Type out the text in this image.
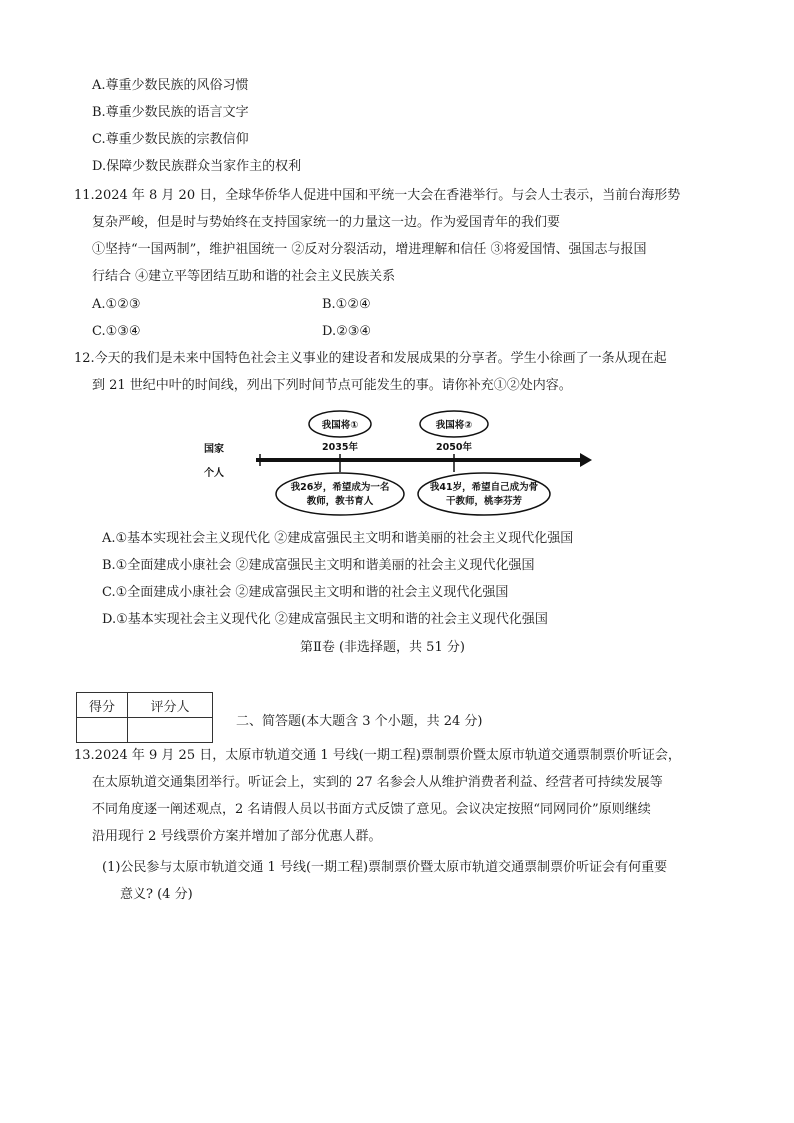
A.尊重少数民族的风俗习惯
B.尊重少数民族的语言文字
C.尊重少数民族的宗教信仰
D.保障少数民族群众当家作主的权利
11.2024 年 8 月 20 日，全球华侨华人促进中国和平统一大会在香港举行。与会人士表示，当前台海形势
复杂严峻，但是时与势始终在支持国家统一的力量这一边。作为爱国青年的我们要
①坚持“一国两制”，维护祖国统一 ②反对分裂活动，增进理解和信任 ③将爱国情、强国志与报国
行结合 ④建立平等团结互助和谐的社会主义民族关系
A.①②③	B.①②④
C.①③④	D.②③④
12.今天的我们是未来中国特色社会主义事业的建设者和发展成果的分享者。学生小徐画了一条从现在起
到 21 世纪中叶的时间线，列出下列时间节点可能发生的事。请你补充①②处内容。
国家
个人
我国将①
2035年
我国将②
2050年
我26岁，希望成为一名
教师，教书育人
我41岁，希望自己成为骨
干教师，桃李芬芳
A.①基本实现社会主义现代化 ②建成富强民主文明和谐美丽的社会主义现代化强国
B.①全面建成小康社会 ②建成富强民主文明和谐美丽的社会主义现代化强国
C.①全面建成小康社会 ②建成富强民主文明和谐的社会主义现代化强国
D.①基本实现社会主义现代化 ②建成富强民主文明和谐的社会主义现代化强国
第Ⅱ卷 (非选择题，共 51 分)
得分	评分人

二、简答题(本大题含 3 个小题，共 24 分)
13.2024 年 9 月 25 日，太原市轨道交通 1 号线(一期工程)票制票价暨太原市轨道交通票制票价听证会，
在太原轨道交通集团举行。听证会上，实到的 27 名参会人从维护消费者利益、经营者可持续发展等
不同角度逐一阐述观点，2 名请假人员以书面方式反馈了意见。会议决定按照“同网同价”原则继续
沿用现行 2 号线票价方案并增加了部分优惠人群。
(1)公民参与太原市轨道交通 1 号线(一期工程)票制票价暨太原市轨道交通票制票价听证会有何重要
意义? (4 分)
